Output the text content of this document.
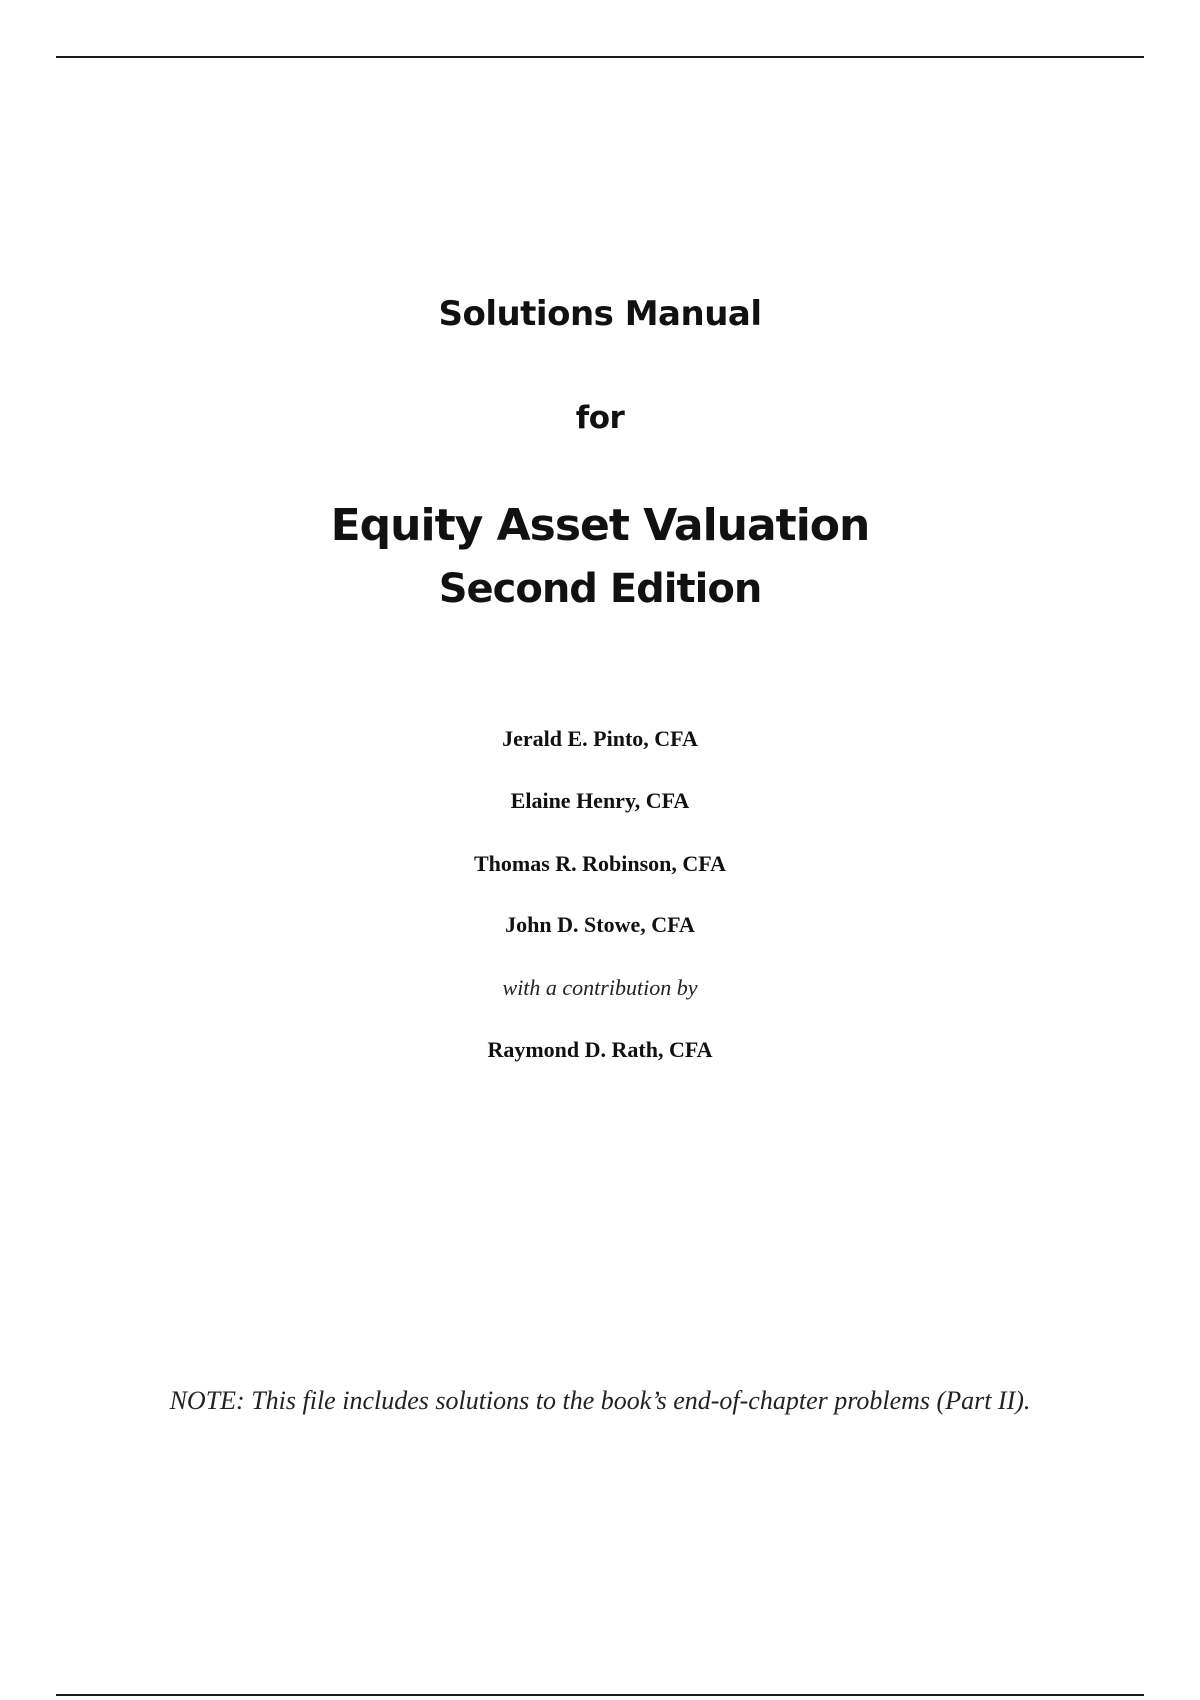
Solutions Manual
for
Equity Asset Valuation
Second Edition
Jerald E. Pinto, CFA
Elaine Henry, CFA
Thomas R. Robinson, CFA
John D. Stowe, CFA
with a contribution by
Raymond D. Rath, CFA
NOTE: This file includes solutions to the book’s end-of-chapter problems (Part II).
